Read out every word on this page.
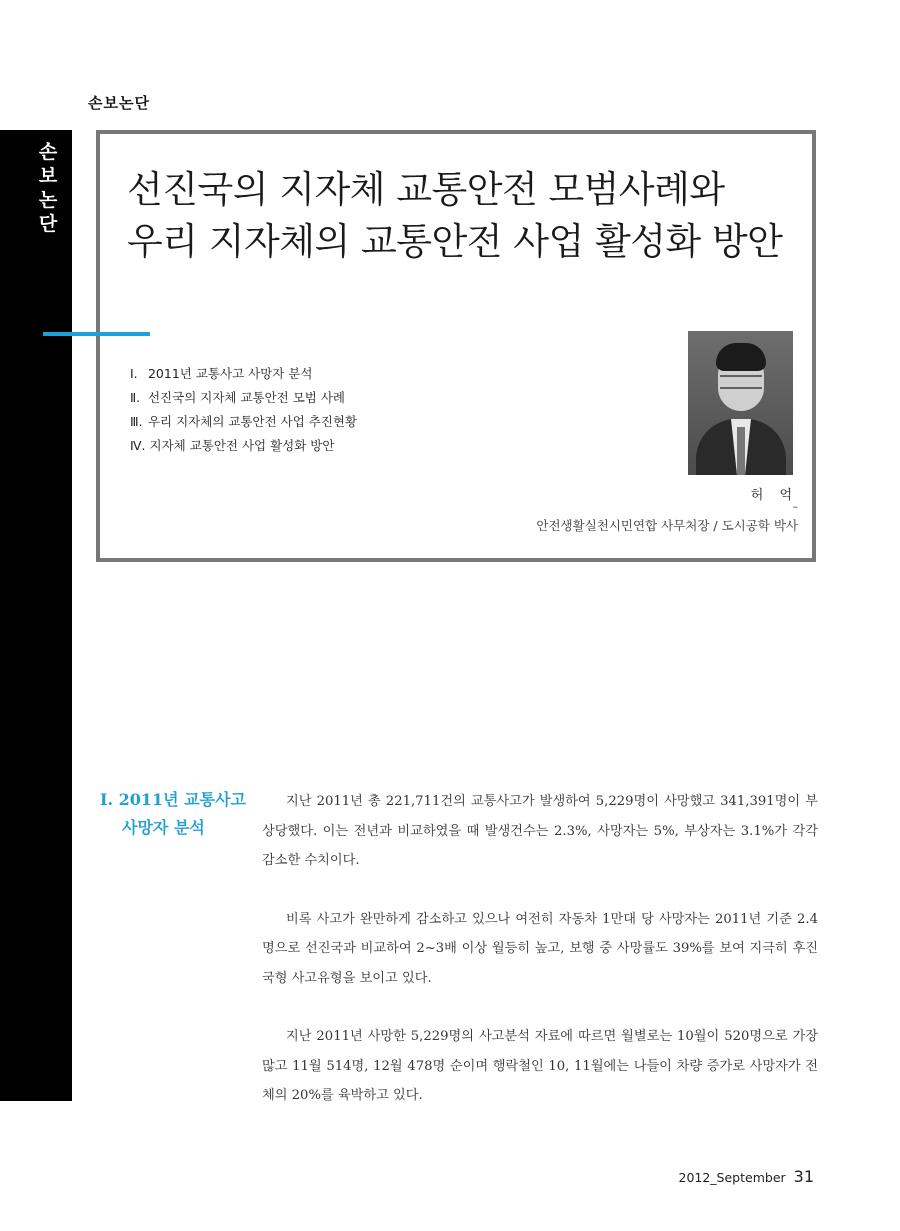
손보논단
손
보
논
단
선진국의 지자체 교통안전 모범사례와
우리 지자체의 교통안전 사업 활성화 방안
Ⅰ. 2011년 교통사고 사망자 분석
Ⅱ. 선진국의 지자체 교통안전 모범 사례
Ⅲ. 우리 지자체의 교통안전 사업 추진현황
Ⅳ. 지자체 교통안전 사업 활성화 방안
허 억
–
안전생활실천시민연합 사무처장 / 도시공학 박사
Ⅰ. 2011년 교통사고
사망자 분석

지난 2011년 총 221,711건의 교통사고가 발생하여 5,229명이 사망했고 341,391명이 부상당했다. 이는 전년과 비교하였을 때 발생건수는 2.3%, 사망자는 5%, 부상자는 3.1%가 각각 감소한 수치이다.

비록 사고가 완만하게 감소하고 있으나 여전히 자동차 1만대 당 사망자는 2011년 기준 2.4명으로 선진국과 비교하여 2~3배 이상 월등히 높고, 보행 중 사망률도 39%를 보여 지극히 후진국형 사고유형을 보이고 있다.

지난 2011년 사망한 5,229명의 사고분석 자료에 따르면 월별로는 10월이 520명으로 가장 많고 11월 514명, 12월 478명 순이며 행락철인 10, 11월에는 나들이 차량 증가로 사망자가 전체의 20%를 육박하고 있다.

2012_September 31
